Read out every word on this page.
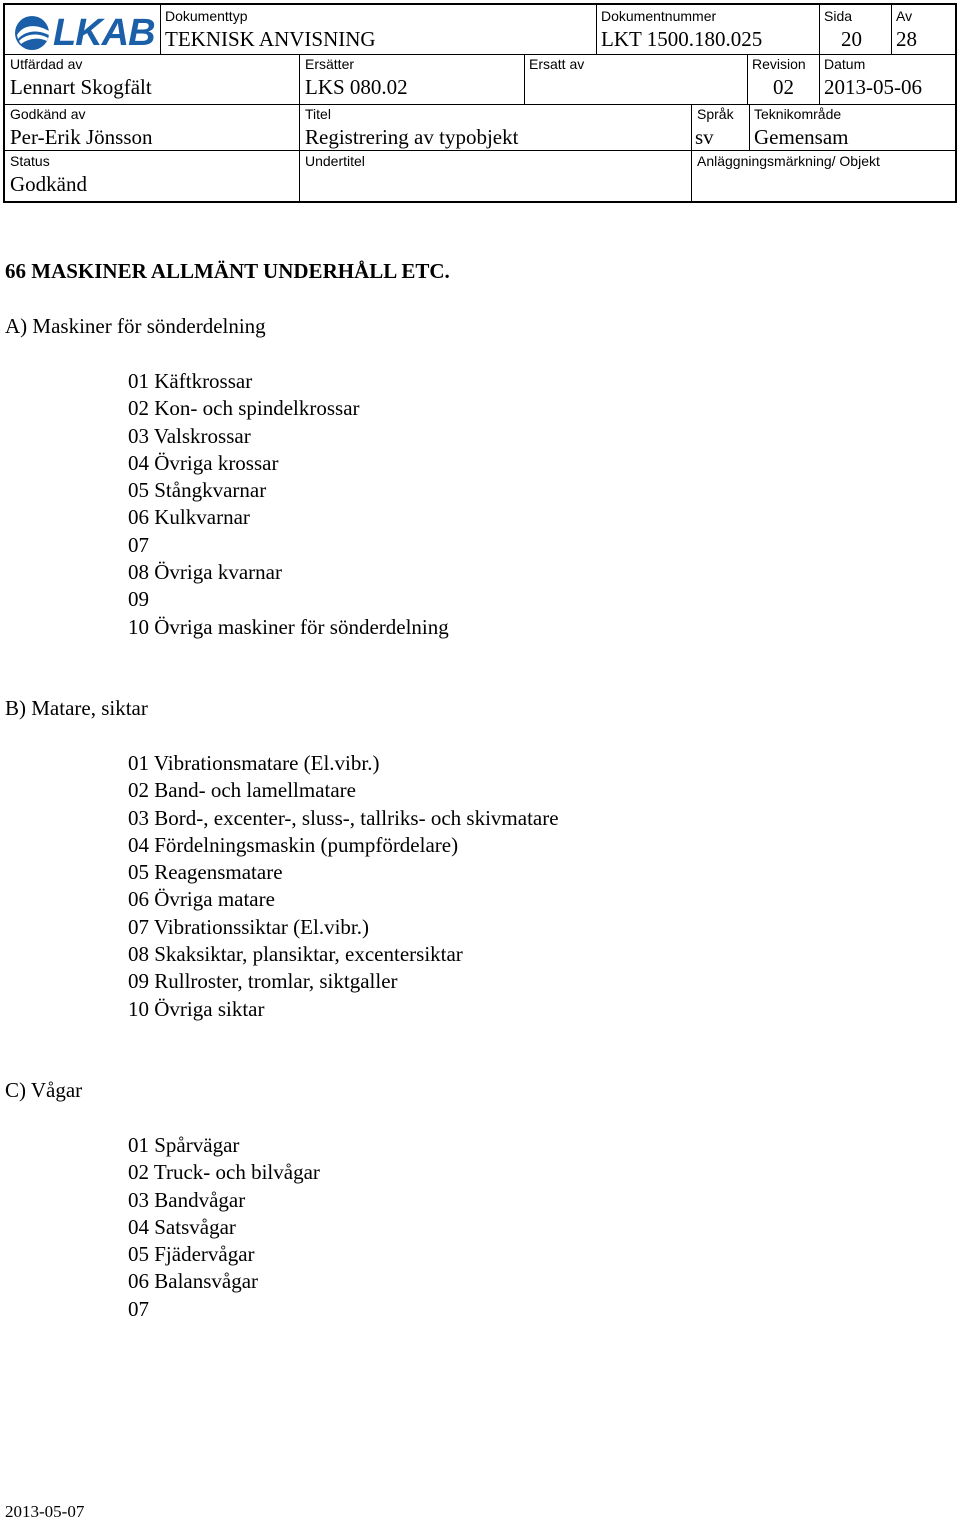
LKAB Dokumenttyp
TEKNISK ANVISNING
Dokumentnummer
LKT 1500.180.025
Sida
20
Av
28
Utfärdad av
Lennart Skogfält
Ersätter
LKS 080.02
Ersatt av	Revision
02
Datum
2013-05-06
Godkänd av
Per-Erik Jönsson
Titel
Registrering av typobjekt
Språk
sv
Teknikområde
Gemensam
Status
Godkänd
Undertitel	Anläggningsmärkning/ Objekt
66 MASKINER ALLMÄNT UNDERHÅLL ETC.
A) Maskiner för sönderdelning
01 Käftkrossar
02 Kon- och spindelkrossar
03 Valskrossar
04 Övriga krossar
05 Stångkvarnar
06 Kulkvarnar
07
08 Övriga kvarnar
09
10 Övriga maskiner för sönderdelning
B) Matare, siktar
01 Vibrationsmatare (El.vibr.)
02 Band- och lamellmatare
03 Bord-, excenter-, sluss-, tallriks- och skivmatare
04 Fördelningsmaskin (pumpfördelare)
05 Reagensmatare
06 Övriga matare
07 Vibrationssiktar (El.vibr.)
08 Skaksiktar, plansiktar, excentersiktar
09 Rullroster, tromlar, siktgaller
10 Övriga siktar
C) Vågar
01 Spårvägar
02 Truck- och bilvågar
03 Bandvågar
04 Satsvågar
05 Fjädervågar
06 Balansvågar
07
2013-05-07
